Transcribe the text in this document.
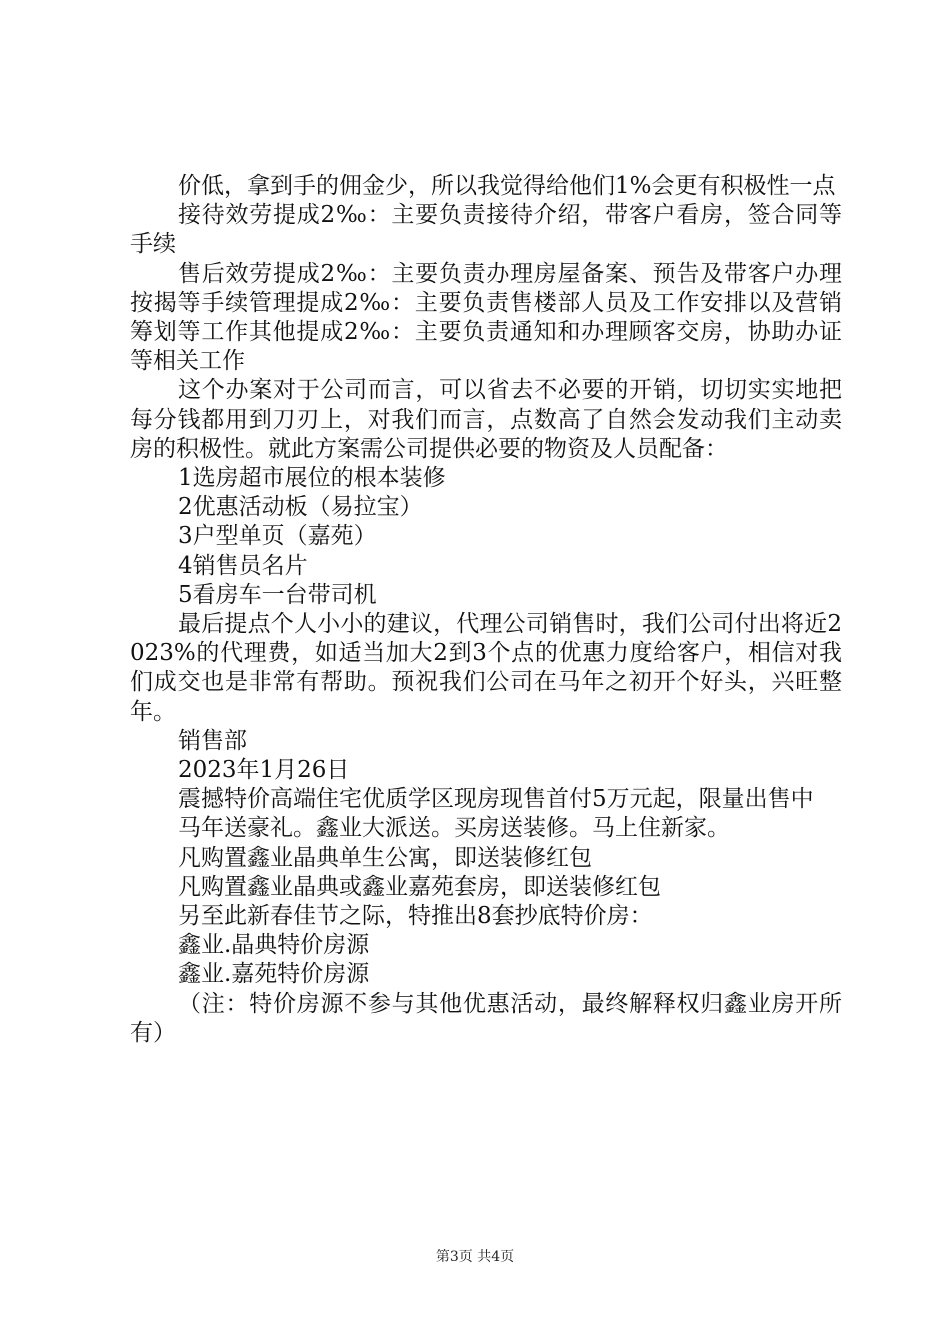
价低，拿到手的佣金少，所以我觉得给他们1%会更有积极性一点

接待效劳提成2‰：主要负责接待介绍，带客户看房，签合同等手续

售后效劳提成2‰：主要负责办理房屋备案、预告及带客户办理按揭等手续管理提成2‰：主要负责售楼部人员及工作安排以及营销筹划等工作其他提成2‰：主要负责通知和办理顾客交房，协助办证等相关工作

这个办案对于公司而言，可以省去不必要的开销，切切实实地把每分钱都用到刀刃上，对我们而言，点数高了自然会发动我们主动卖房的积极性。就此方案需公司提供必要的物资及人员配备：

1选房超市展位的根本装修

2优惠活动板（易拉宝）

3户型单页（嘉苑）

4销售员名片

5看房车一台带司机

最后提点个人小小的建议，代理公司销售时，我们公司付出将近2023%的代理费，如适当加大2到3个点的优惠力度给客户，相信对我们成交也是非常有帮助。预祝我们公司在马年之初开个好头，兴旺整年。

销售部

2023年1月26日

震撼特价高端住宅优质学区现房现售首付5万元起，限量出售中

马年送豪礼。鑫业大派送。买房送装修。马上住新家。

凡购置鑫业晶典单生公寓，即送装修红包

凡购置鑫业晶典或鑫业嘉苑套房，即送装修红包

另至此新春佳节之际，特推出8套抄底特价房：

鑫业.晶典特价房源

鑫业.嘉苑特价房源

（注：特价房源不参与其他优惠活动，最终解释权归鑫业房开所有）

第3页 共4页
